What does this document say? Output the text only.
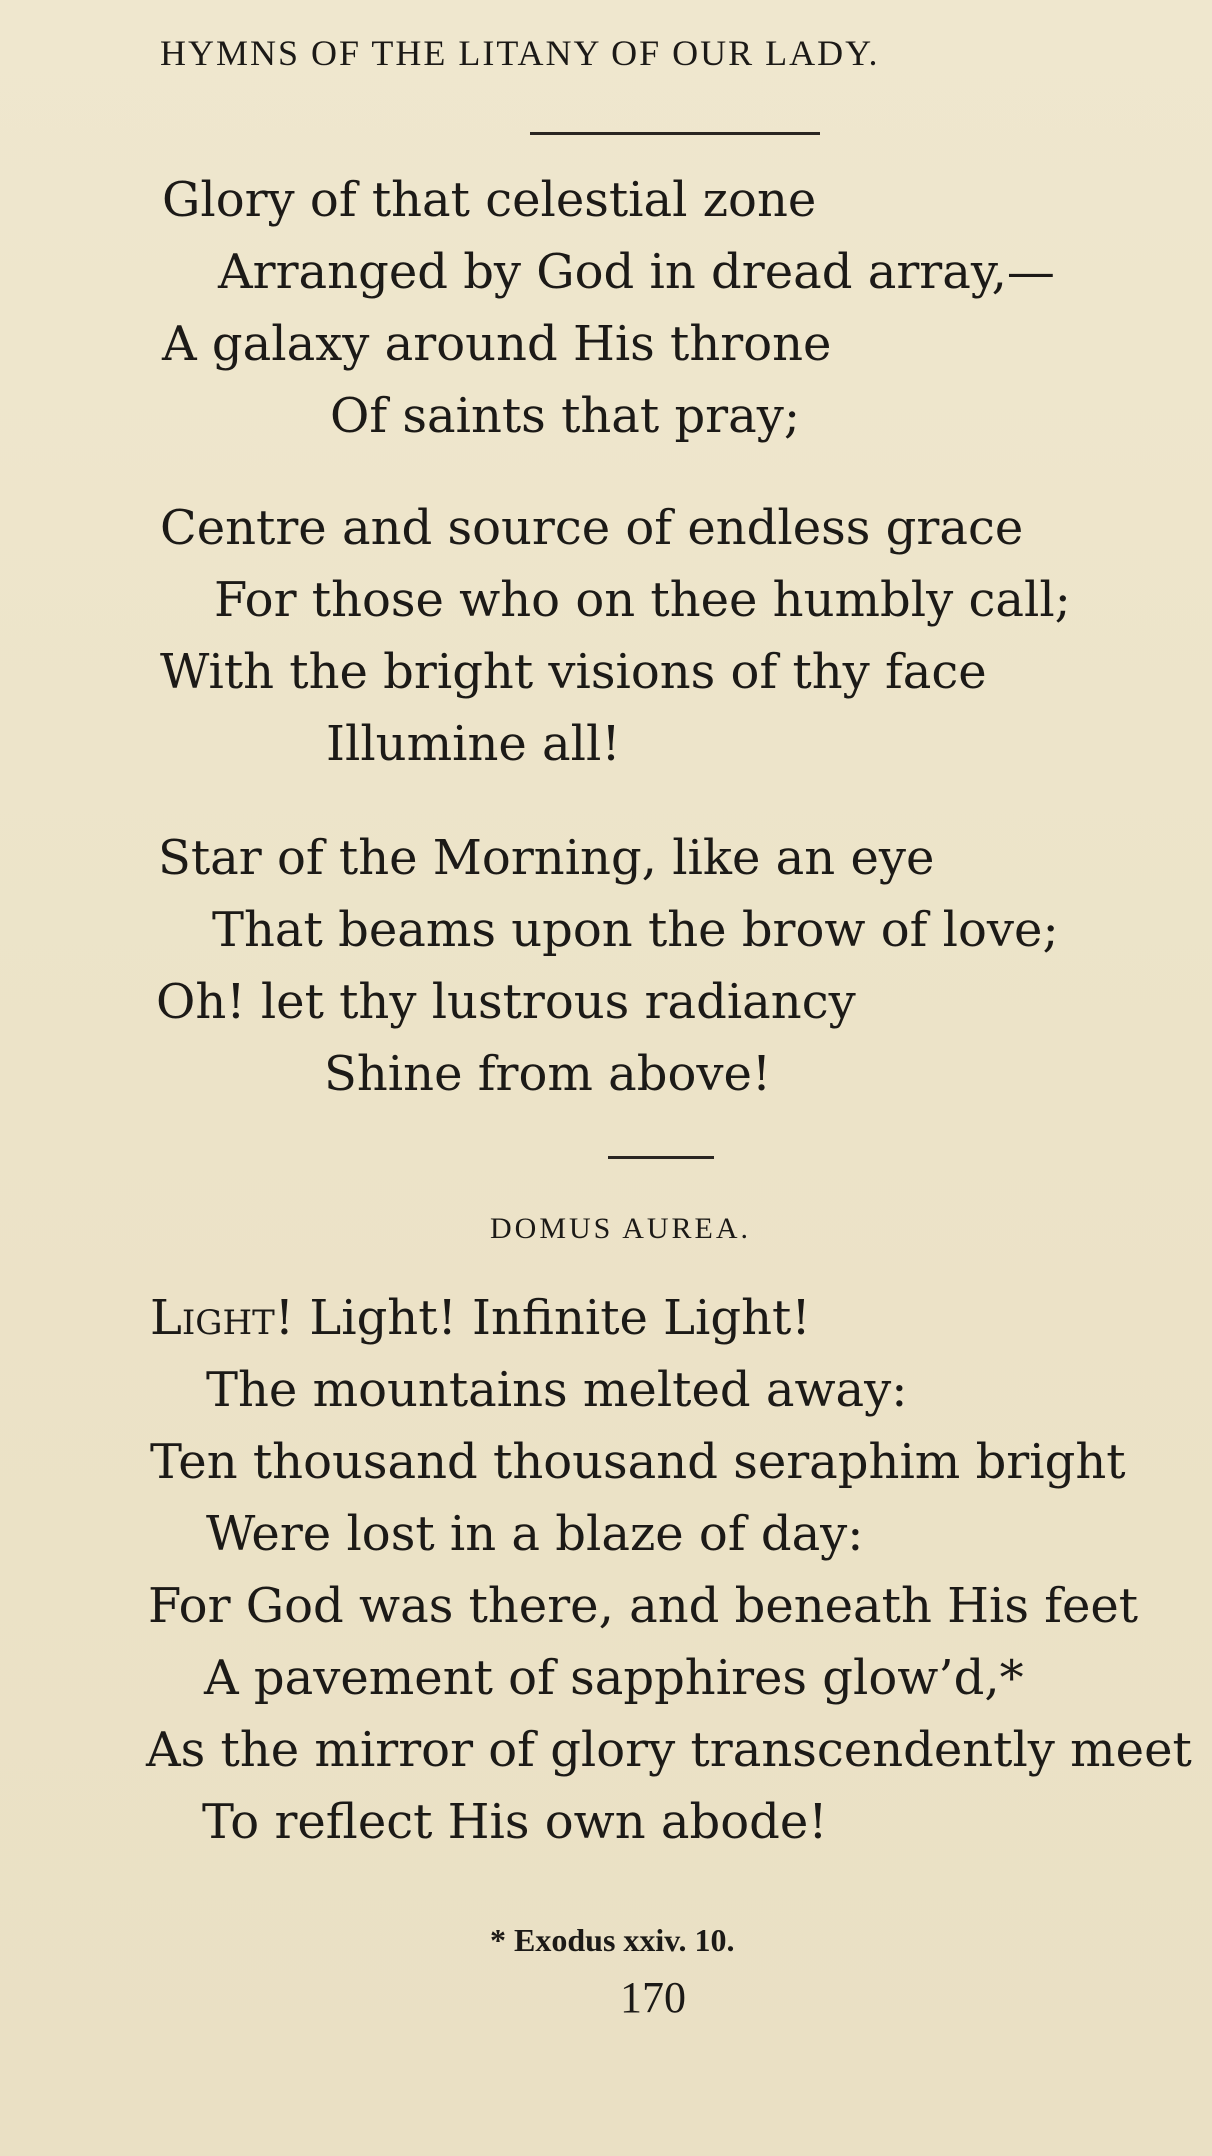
HYMNS OF THE LITANY OF OUR LADY.
Glory of that celestial zone
Arranged by God in dread array,—
A galaxy around His throne
Of saints that pray;
Centre and source of endless grace
For those who on thee humbly call;
With the bright visions of thy face
Illumine all!
Star of the Morning, like an eye
That beams upon the brow of love;
Oh! let thy lustrous radiancy
Shine from above!
DOMUS AUREA.
Light! Light! Infinite Light!
The mountains melted away:
Ten thousand thousand seraphim bright
Were lost in a blaze of day:
For God was there, and beneath His feet
A pavement of sapphires glow’d,*
As the mirror of glory transcendently meet
To reflect His own abode!
* Exodus xxiv. 10.
170
